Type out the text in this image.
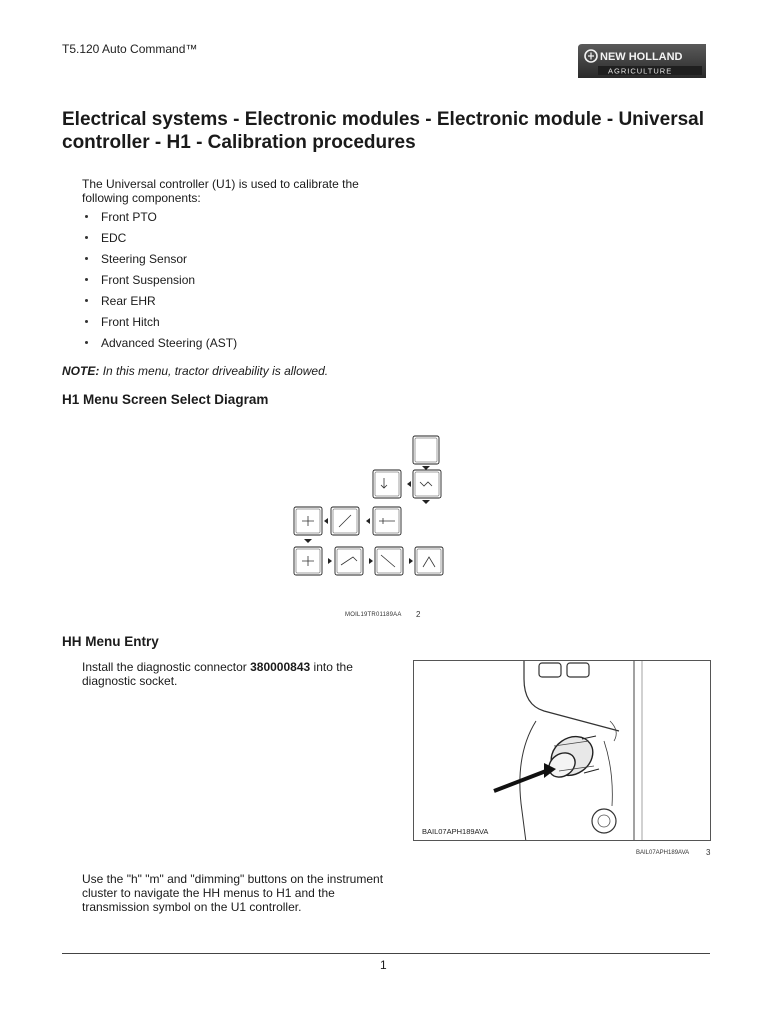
T5.120 Auto Command™
NEW HOLLAND
AGRICULTURE
Electrical systems - Electronic modules - Electronic module - Universal controller - H1 - Calibration procedures

The Universal controller (U1) is used to calibrate the following components:

Front PTO
EDC
Steering Sensor
Front Suspension
Rear EHR
Front Hitch
Advanced Steering (AST)
NOTE: In this menu, tractor driveability is allowed.
H1 Menu Screen Select Diagram
MOIL19TR01189AA 2
HH Menu Entry

Install the diagnostic connector 380000843 into the diagnostic socket.

BAIL07APH189AVA
BAIL07APH189AVA 3

Use the "h" "m" and "dimming" buttons on the instrument cluster to navigate the HH menus to H1 and the transmission symbol on the U1 controller.

1
